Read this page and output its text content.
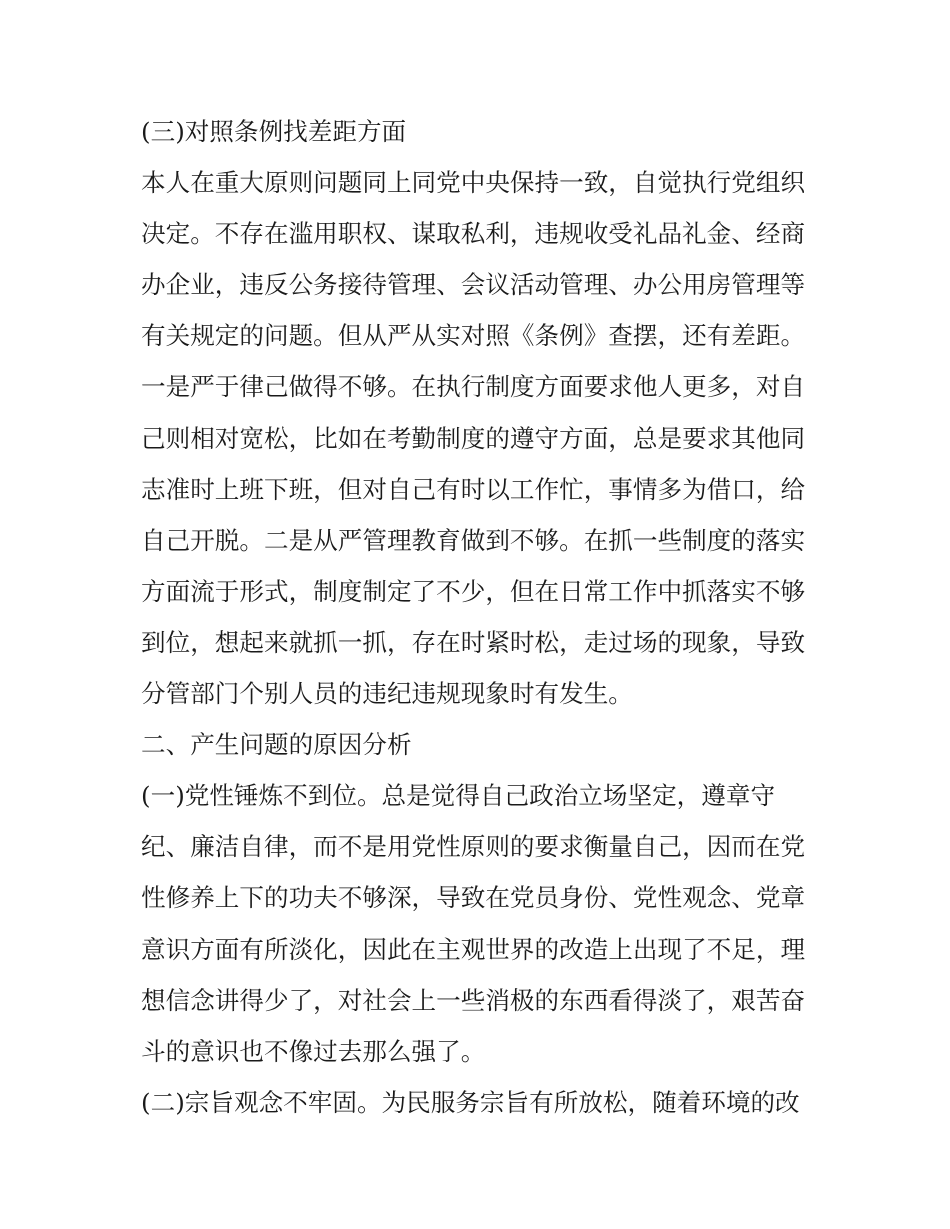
(三)对照条例找差距方面
本人在重大原则问题同上同党中央保持一致，自觉执行党组织
决定。不存在滥用职权、谋取私利，违规收受礼品礼金、经商
办企业，违反公务接待管理、会议活动管理、办公用房管理等
有关规定的问题。但从严从实对照《条例》查摆，还有差距。
一是严于律己做得不够。在执行制度方面要求他人更多，对自
己则相对宽松，比如在考勤制度的遵守方面，总是要求其他同
志准时上班下班，但对自己有时以工作忙，事情多为借口，给
自己开脱。二是从严管理教育做到不够。在抓一些制度的落实
方面流于形式，制度制定了不少，但在日常工作中抓落实不够
到位，想起来就抓一抓，存在时紧时松，走过场的现象，导致
分管部门个别人员的违纪违规现象时有发生。
二、产生问题的原因分析
(一)党性锤炼不到位。总是觉得自己政治立场坚定，遵章守
纪、廉洁自律，而不是用党性原则的要求衡量自己，因而在党
性修养上下的功夫不够深，导致在党员身份、党性观念、党章
意识方面有所淡化，因此在主观世界的改造上出现了不足，理
想信念讲得少了，对社会上一些消极的东西看得淡了，艰苦奋
斗的意识也不像过去那么强了。
(二)宗旨观念不牢固。为民服务宗旨有所放松，随着环境的改
